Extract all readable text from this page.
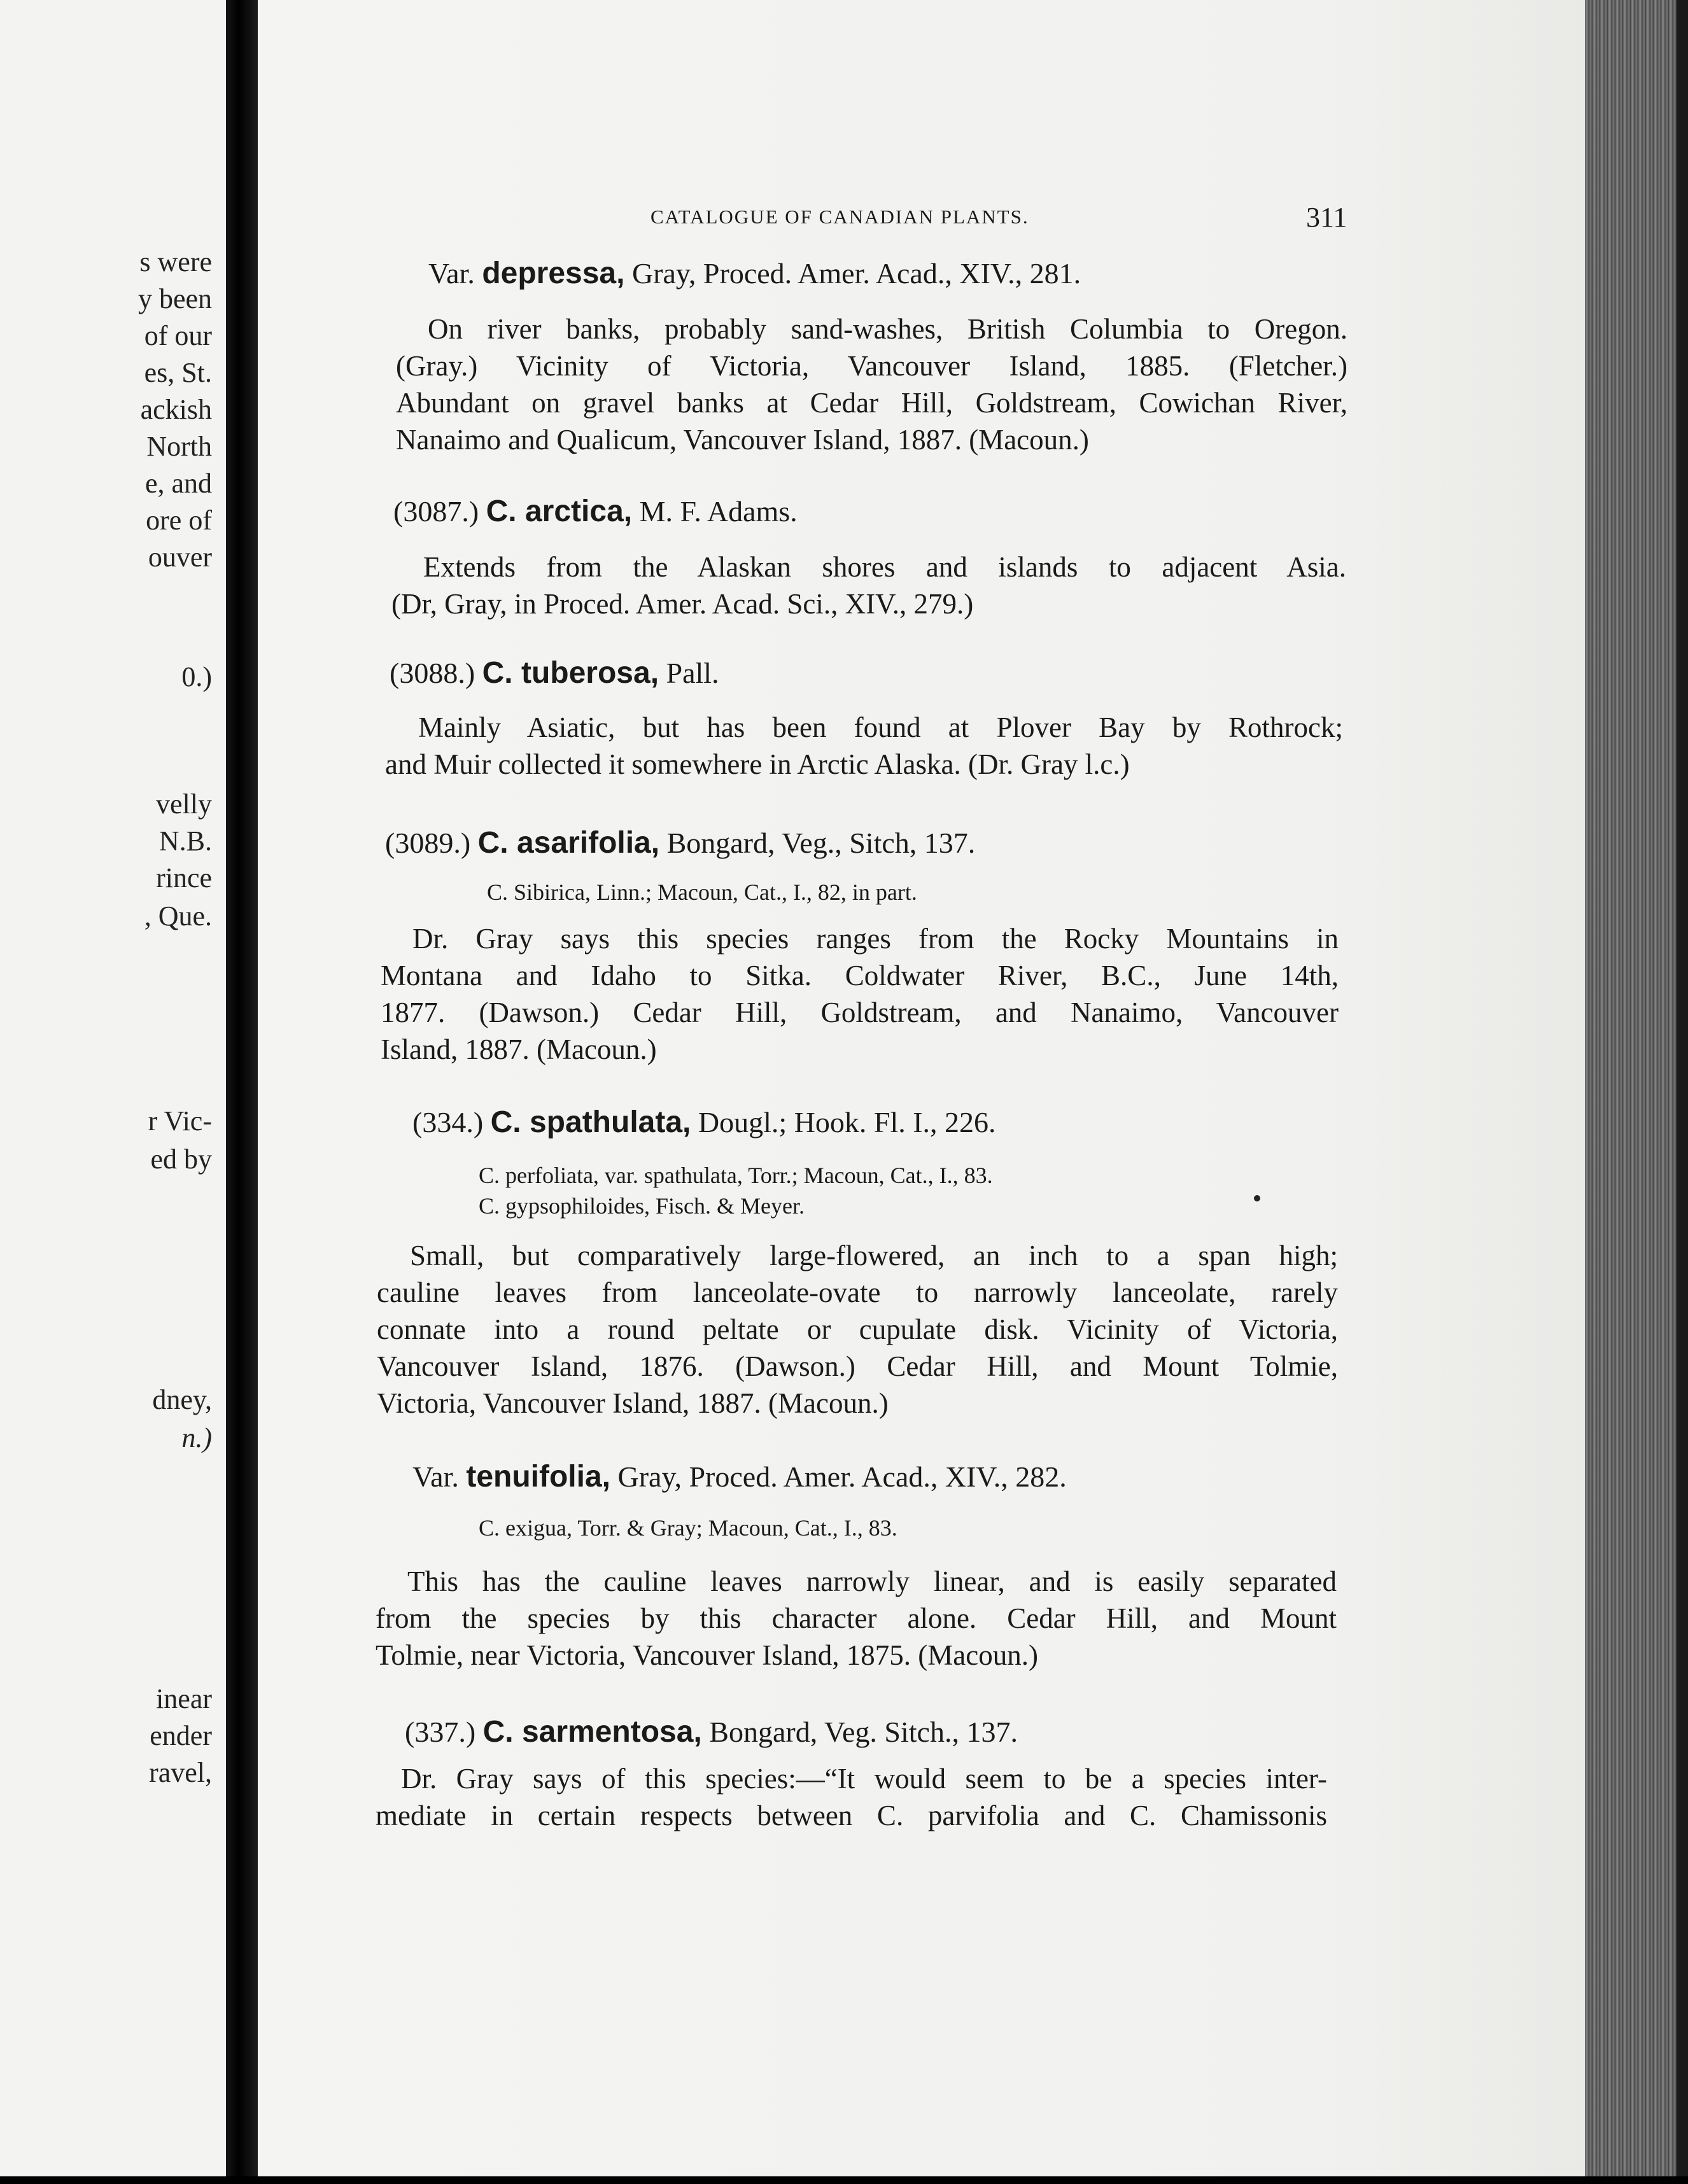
s were
y been
of our
es, St.
ackish
North
e, and
ore of
ouver
0.)
velly
N.B.
rince
, Que.
r Vic-
ed by
dney,
n.)
inear
ender
ravel,
CATALOGUE OF CANADIAN PLANTS.	311
Var. depressa, Gray, Proced. Amer. Acad., XIV., 281.
On river banks, probably sand-washes, British Columbia to Oregon.
(Gray.) Vicinity of Victoria, Vancouver Island, 1885. (Fletcher.)
Abundant on gravel banks at Cedar Hill, Goldstream, Cowichan River,
Nanaimo and Qualicum, Vancouver Island, 1887. (Macoun.)
(3087.) C. arctica, M. F. Adams.
Extends from the Alaskan shores and islands to adjacent Asia.
(Dr, Gray, in Proced. Amer. Acad. Sci., XIV., 279.)
(3088.) C. tuberosa, Pall.
Mainly Asiatic, but has been found at Plover Bay by Rothrock;
and Muir collected it somewhere in Arctic Alaska. (Dr. Gray l.c.)
(3089.) C. asarifolia, Bongard, Veg., Sitch, 137.
C. Sibirica, Linn.; Macoun, Cat., I., 82, in part.
Dr. Gray says this species ranges from the Rocky Mountains in
Montana and Idaho to Sitka. Coldwater River, B.C., June 14th,
1877. (Dawson.) Cedar Hill, Goldstream, and Nanaimo, Vancouver
Island, 1887. (Macoun.)
(334.) C. spathulata, Dougl.; Hook. Fl. I., 226.
C. perfoliata, var. spathulata, Torr.; Macoun, Cat., I., 83.
C. gypsophiloides, Fisch. & Meyer.
Small, but comparatively large-flowered, an inch to a span high;
cauline leaves from lanceolate-ovate to narrowly lanceolate, rarely
connate into a round peltate or cupulate disk. Vicinity of Victoria,
Vancouver Island, 1876. (Dawson.) Cedar Hill, and Mount Tolmie,
Victoria, Vancouver Island, 1887. (Macoun.)
Var. tenuifolia, Gray, Proced. Amer. Acad., XIV., 282.
C. exigua, Torr. & Gray; Macoun, Cat., I., 83.
This has the cauline leaves narrowly linear, and is easily separated
from the species by this character alone. Cedar Hill, and Mount
Tolmie, near Victoria, Vancouver Island, 1875. (Macoun.)
(337.) C. sarmentosa, Bongard, Veg. Sitch., 137.
Dr. Gray says of this species:—“It would seem to be a species inter-
mediate in certain respects between C. parvifolia and C. Chamissonis
